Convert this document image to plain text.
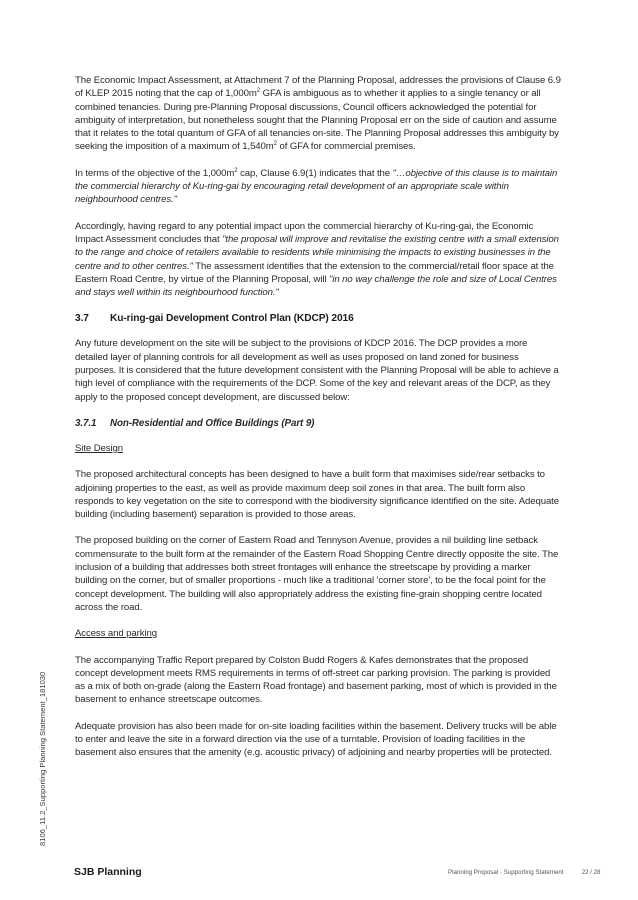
The Economic Impact Assessment, at Attachment 7 of the Planning Proposal, addresses the provisions of Clause 6.9 of KLEP 2015 noting that the cap of $1,000m^2$ GFA is ambiguous as to whether it applies to a single tenancy or all combined tenancies. During pre-Planning Proposal discussions, Council officers acknowledged the potential for ambiguity of interpretation, but nonetheless sought that the Planning Proposal err on the side of caution and assume that it relates to the total quantum of GFA of all tenancies on-site. The Planning Proposal addresses this ambiguity by seeking the imposition of a maximum of $1,540m^2$ of GFA for commercial premises.

In terms of the objective of the $1,000m^2$ cap, Clause 6.9(1) indicates that the "…objective of this clause is to maintain the commercial hierarchy of Ku-ring-gai by encouraging retail development of an appropriate scale within neighbourhood centres."

Accordingly, having regard to any potential impact upon the commercial hierarchy of Ku-ring-gai, the Economic Impact Assessment concludes that "the proposal will improve and revitalise the existing centre with a small extension to the range and choice of retailers available to residents while minimising the impacts to existing businesses in the centre and to other centres." The assessment identifies that the extension to the commercial/retail floor space at the Eastern Road Centre, by virtue of the Planning Proposal, will "in no way challenge the role and size of Local Centres and stays well within its neighbourhood function."

3.7	Ku-ring-gai Development Control Plan (KDCP) 2016

Any future development on the site will be subject to the provisions of KDCP 2016. The DCP provides a more detailed layer of planning controls for all development as well as uses proposed on land zoned for business purposes. It is considered that the future development consistent with the Planning Proposal will be able to achieve a high level of compliance with the requirements of the DCP. Some of the key and relevant areas of the DCP, as they apply to the proposed concept development, are discussed below:

3.7.1	Non-Residential and Office Buildings (Part 9)
Site Design

The proposed architectural concepts has been designed to have a built form that maximises side/rear setbacks to adjoining properties to the east, as well as provide maximum deep soil zones in that area. The built form also responds to key vegetation on the site to correspond with the biodiversity significance identified on the site. Adequate building (including basement) separation is provided to those areas.

The proposed building on the corner of Eastern Road and Tennyson Avenue, provides a nil building line setback commensurate to the built form at the remainder of the Eastern Road Shopping Centre directly opposite the site. The inclusion of a building that addresses both street frontages will enhance the streetscape by providing a marker building on the corner, but of smaller proportions - much like a traditional 'corner store', to be the focal point for the concept development. The building will also appropriately address the existing fine-grain shopping centre located across the road.

Access and parking

The accompanying Traffic Report prepared by Colston Budd Rogers & Kafes demonstrates that the proposed concept development meets RMS requirements in terms of off-street car parking provision. The parking is provided as a mix of both on-grade (along the Eastern Road frontage) and basement parking, most of which is provided in the basement to enhance streetscape outcomes.

Adequate provision has also been made for on-site loading facilities within the basement. Delivery trucks will be able to enter and leave the site in a forward direction via the use of a turntable. Provision of loading facilities in the basement also ensures that the amenity (e.g. acoustic privacy) of adjoining and nearby properties will be protected.

8106_11.2_Supporting Planning Statement_181030
SJB Planning	Planning Proposal · Supporting Statement	22 / 28
